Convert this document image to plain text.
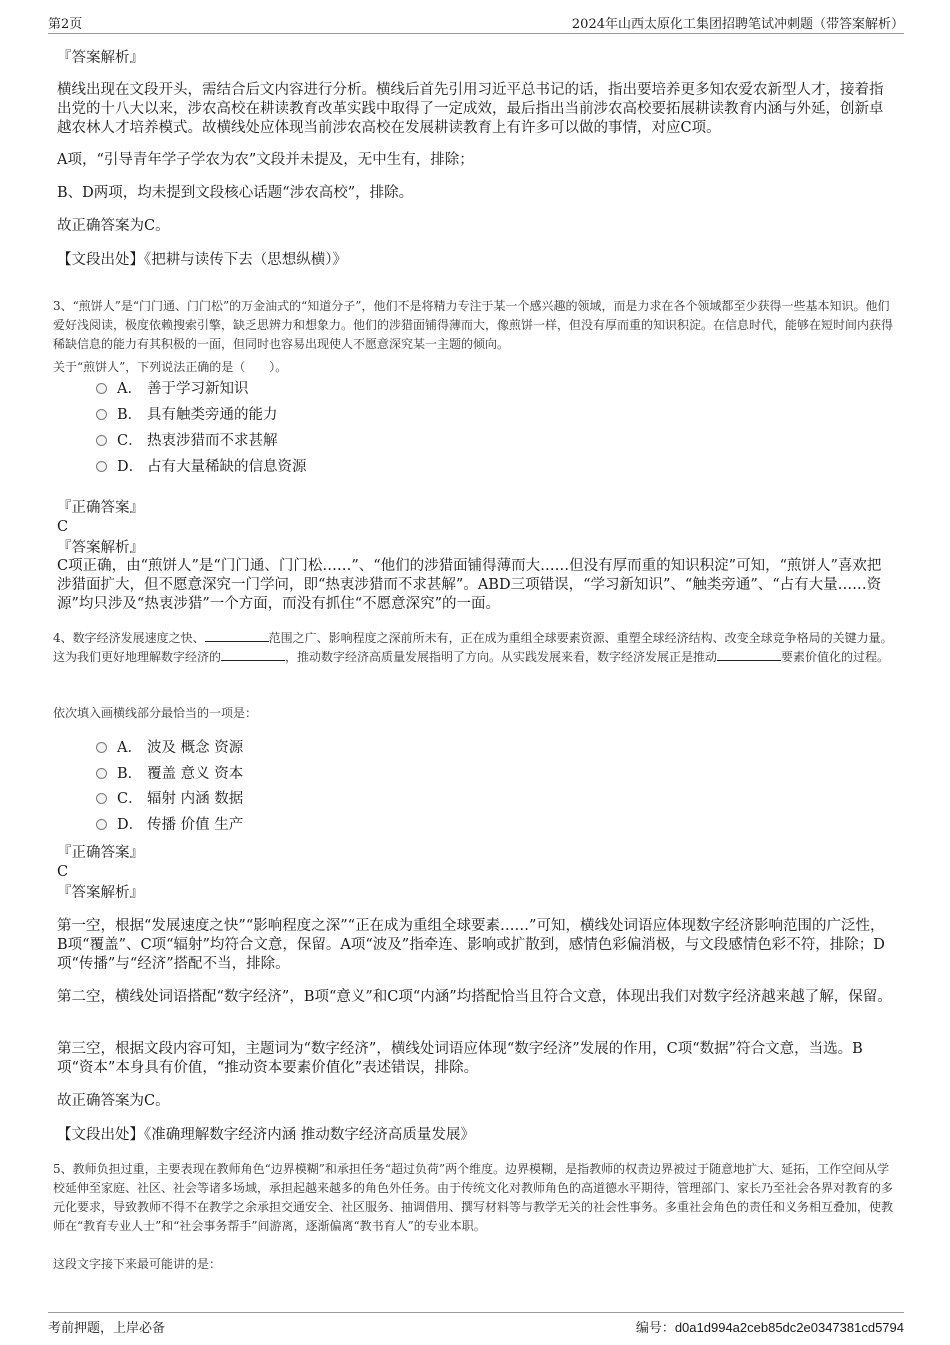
第2页	2024年山西太原化工集团招聘笔试冲刺题（带答案解析）

『答案解析』

横线出现在文段开头，需结合后文内容进行分析。横线后首先引用习近平总书记的话，指出要培养更多知农爱农新型人才，接着指出党的十八大以来，涉农高校在耕读教育改革实践中取得了一定成效，最后指出当前涉农高校要拓展耕读教育内涵与外延，创新卓越农林人才培养模式。故横线处应体现当前涉农高校在发展耕读教育上有许多可以做的事情，对应C项。

A项，“引导青年学子学农为农”文段并未提及，无中生有，排除；

B、D两项，均未提到文段核心话题“涉农高校”，排除。

故正确答案为C。

【文段出处】《把耕与读传下去（思想纵横）》

3、“煎饼人”是“门门通、门门松”的万金油式的“知道分子”，他们不是将精力专注于某一个感兴趣的领域，而是力求在各个领域都至少获得一些基本知识。他们爱好浅阅读，极度依赖搜索引擎，缺乏思辨力和想象力。他们的涉猎面铺得薄而大，像煎饼一样，但没有厚而重的知识积淀。在信息时代，能够在短时间内获得稀缺信息的能力有其积极的一面，但同时也容易出现使人不愿意深究某一主题的倾向。

关于“煎饼人”，下列说法正确的是（　　）。

A． 善于学习新知识
B． 具有触类旁通的能力
C． 热衷涉猎而不求甚解
D． 占有大量稀缺的信息资源

『正确答案』

C

『答案解析』

C项正确，由“煎饼人”是“门门通、门门松……”、“他们的涉猎面铺得薄而大……但没有厚而重的知识积淀”可知，“煎饼人”喜欢把涉猎面扩大，但不愿意深究一门学问，即“热衷涉猎而不求甚解”。ABD三项错误，“学习新知识”、“触类旁通”、“占有大量……资源”均只涉及“热衷涉猎”一个方面，而没有抓住“不愿意深究”的一面。

4、数字经济发展速度之快、	范围之广、影响程度之深前所未有，正在成为重组全球要素资源、重塑全球经济结构、改变全球竞争格局的关键力量。这为我们更好地理解数字经济的	，推动数字经济高质量发展指明了方向。从实践发展来看，数字经济发展正是推动	要素价值化的过程。

依次填入画横线部分最恰当的一项是：

A． 波及 概念 资源
B． 覆盖 意义 资本
C． 辐射 内涵 数据
D． 传播 价值 生产

『正确答案』

C

『答案解析』

第一空，根据“发展速度之快”“影响程度之深”“正在成为重组全球要素……”可知，横线处词语应体现数字经济影响范围的广泛性，B项“覆盖”、C项“辐射”均符合文意，保留。A项“波及”指牵连、影响或扩散到，感情色彩偏消极，与文段感情色彩不符，排除；D项“传播”与“经济”搭配不当，排除。

第二空，横线处词语搭配“数字经济”，B项“意义”和C项“内涵”均搭配恰当且符合文意，体现出我们对数字经济越来越了解，保留。

第三空，根据文段内容可知，主题词为“数字经济”，横线处词语应体现“数字经济”发展的作用，C项“数据”符合文意，当选。B项“资本”本身具有价值，“推动资本要素价值化”表述错误，排除。

故正确答案为C。

【文段出处】《准确理解数字经济内涵 推动数字经济高质量发展》

5、教师负担过重，主要表现在教师角色“边界模糊”和承担任务“超过负荷”两个维度。边界模糊，是指教师的权责边界被过于随意地扩大、延拓，工作空间从学校延伸至家庭、社区、社会等诸多场域，承担起越来越多的角色外任务。由于传统文化对教师角色的高道德水平期待，管理部门、家长乃至社会各界对教育的多元化要求，导致教师不得不在教学之余承担交通安全、社区服务、抽调借用、撰写材料等与教学无关的社会性事务。多重社会角色的责任和义务相互叠加，使教师在“教育专业人士”和“社会事务帮手”间游离，逐渐偏离“教书育人”的专业本职。

这段文字接下来最可能讲的是：

考前押题，上岸必备	编号：d0a1d994a2ceb85dc2e0347381cd5794
